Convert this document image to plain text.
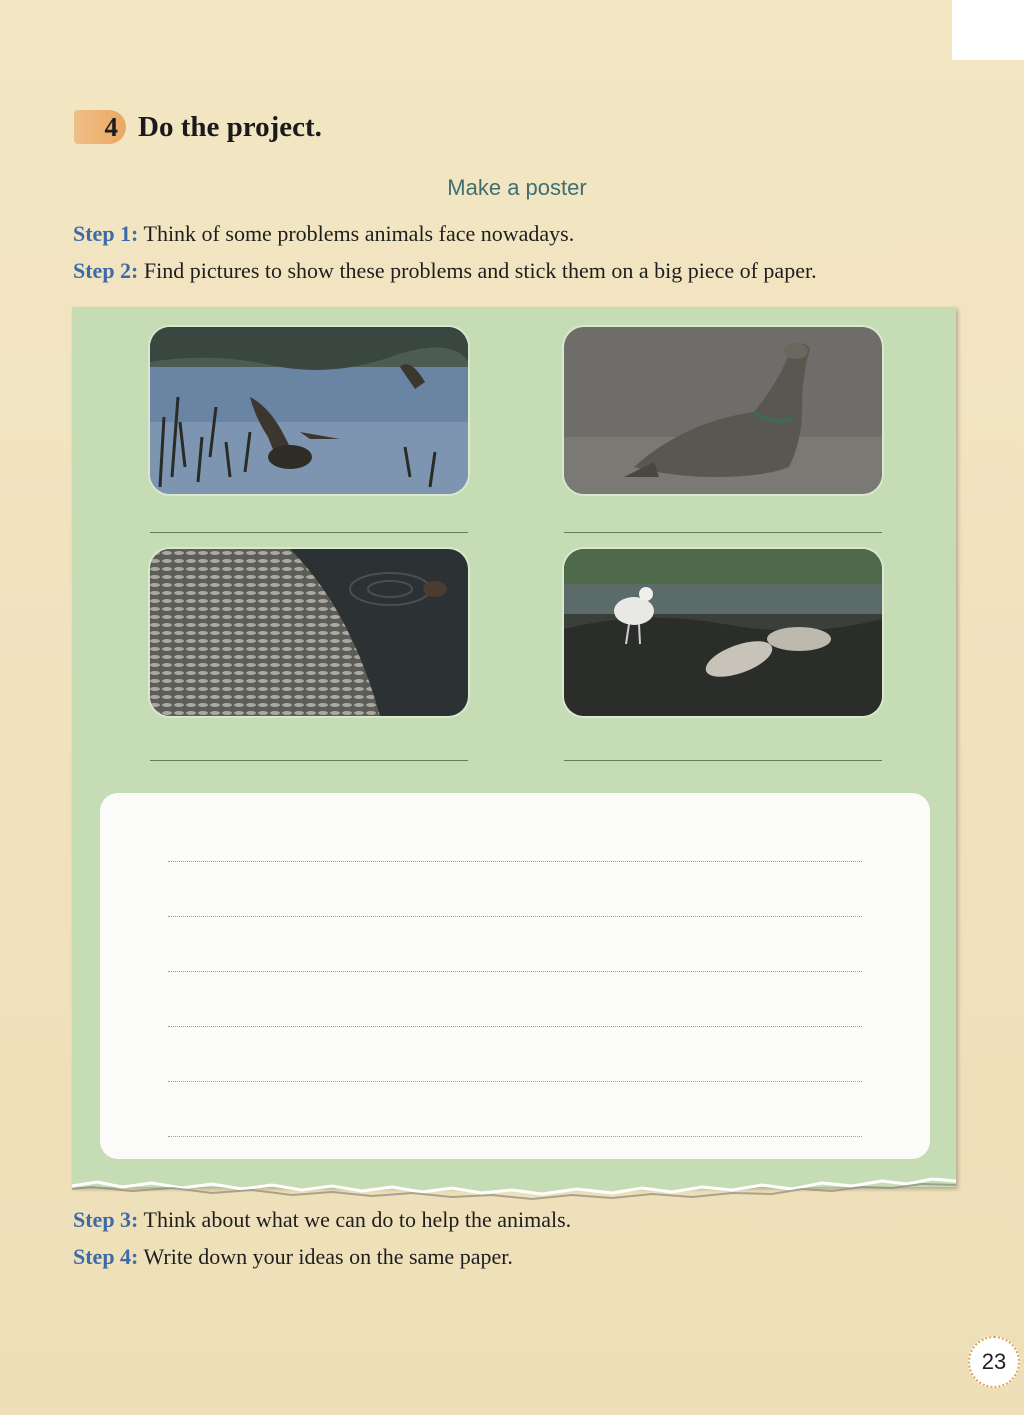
4 Do the project.
Make a poster
Step 1: Think of some problems animals face nowadays.
Step 2: Find pictures to show these problems and stick them on a big piece of paper.
Step 3: Think about what we can do to help the animals.
Step 4: Write down your ideas on the same paper.
23
